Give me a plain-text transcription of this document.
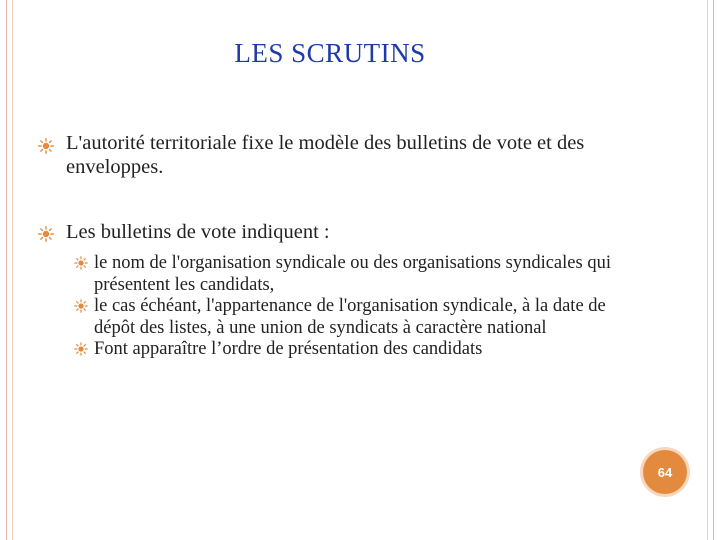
LES SCRUTINS
L'autorité territoriale fixe le modèle des bulletins de vote et des enveloppes.
Les bulletins de vote indiquent :

le nom de l'organisation syndicale ou des organisations syndicales qui présentent les candidats,

le cas échéant, l'appartenance de l'organisation syndicale, à la date de dépôt des listes, à une union de syndicats à caractère national

Font apparaître l’ordre de présentation des candidats

64
